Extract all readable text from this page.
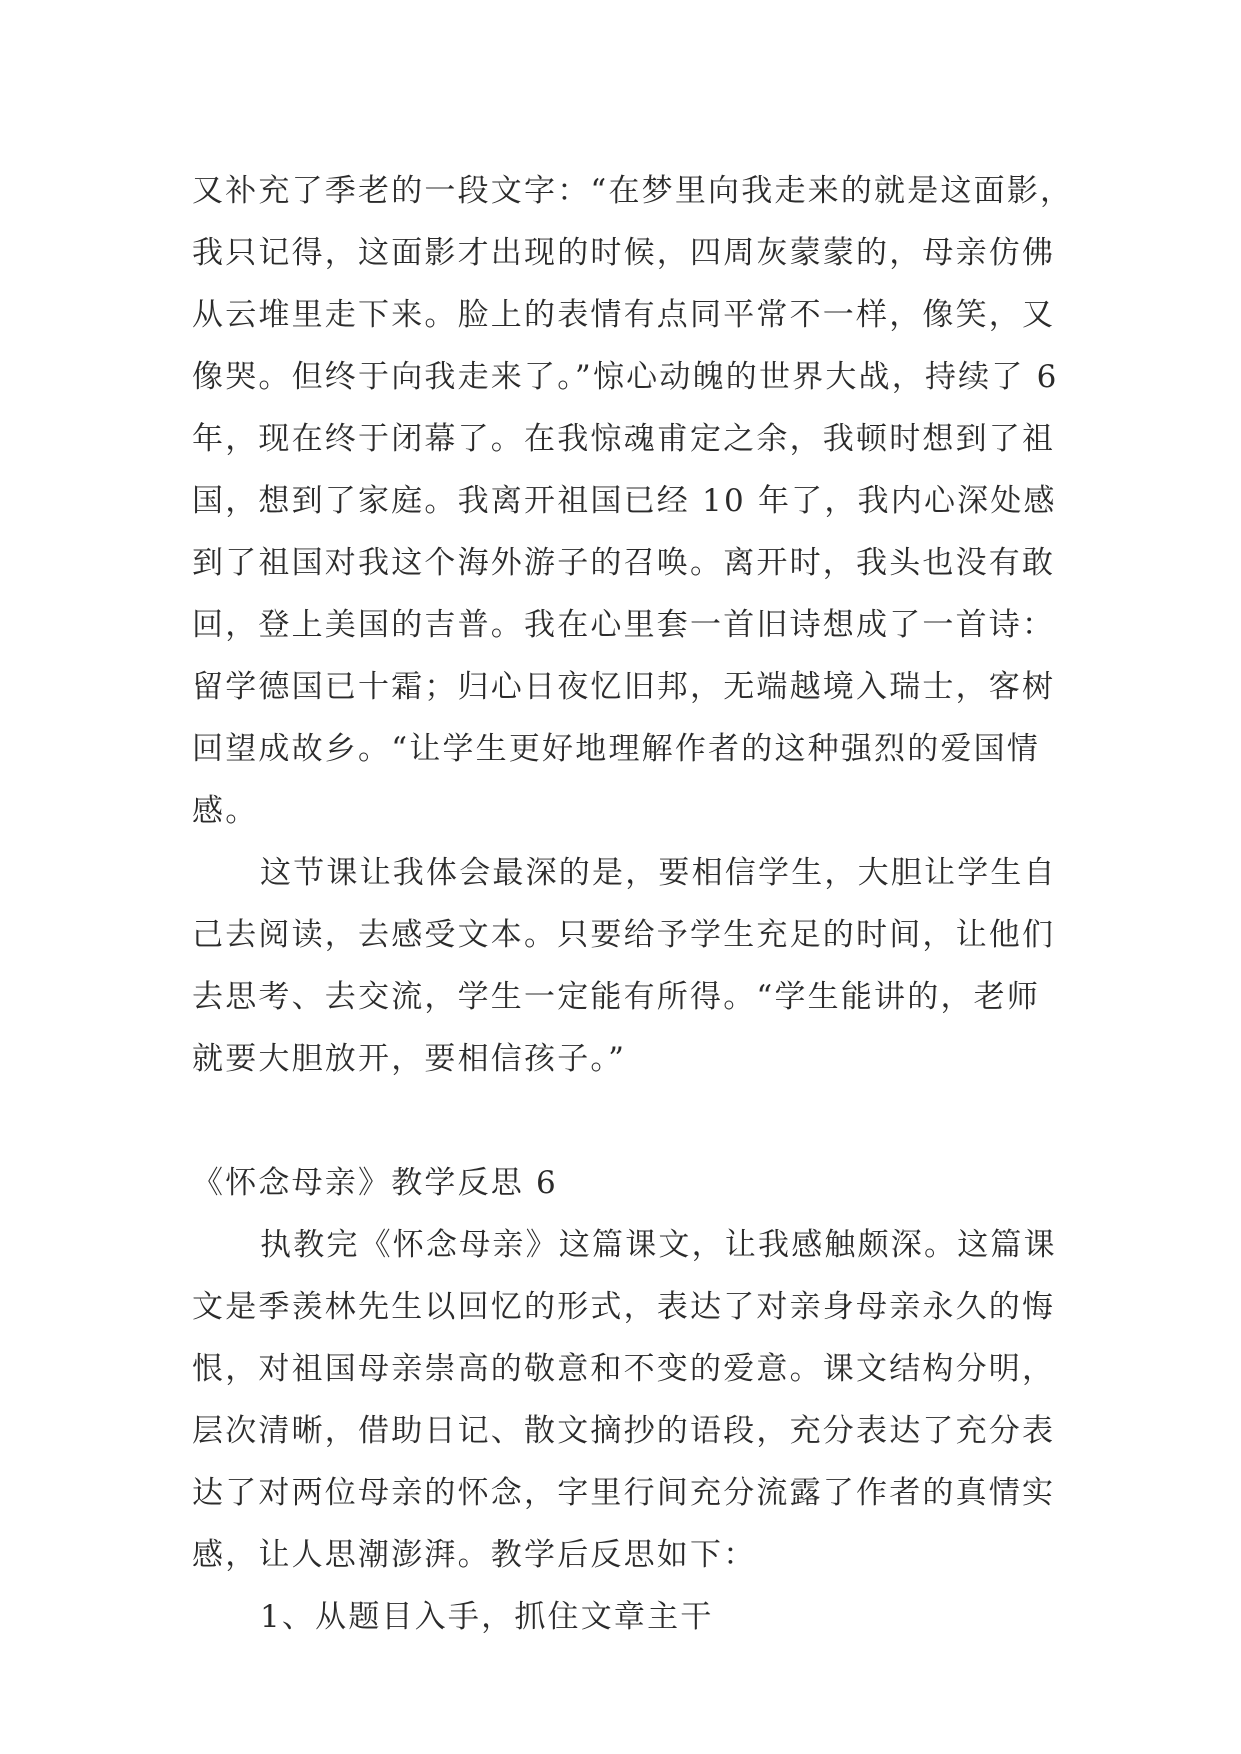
又补充了季老的一段文字：“在梦里向我走来的就是这面影，
我只记得，这面影才出现的时候，四周灰蒙蒙的，母亲仿佛
从云堆里走下来。脸上的表情有点同平常不一样，像笑，又
像哭。但终于向我走来了。”惊心动魄的世界大战，持续了 6
年，现在终于闭幕了。在我惊魂甫定之余，我顿时想到了祖
国，想到了家庭。我离开祖国已经 10 年了，我内心深处感
到了祖国对我这个海外游子的召唤。离开时，我头也没有敢
回，登上美国的吉普。我在心里套一首旧诗想成了一首诗：
留学德国已十霜；归心日夜忆旧邦，无端越境入瑞士，客树
回望成故乡。“让学生更好地理解作者的这种强烈的爱国情
感。
这节课让我体会最深的是，要相信学生，大胆让学生自
己去阅读，去感受文本。只要给予学生充足的时间，让他们
去思考、去交流，学生一定能有所得。“学生能讲的，老师
就要大胆放开，要相信孩子。”
《怀念母亲》教学反思 6
执教完《怀念母亲》这篇课文，让我感触颇深。这篇课
文是季羡林先生以回忆的形式，表达了对亲身母亲永久的悔
恨，对祖国母亲崇高的敬意和不变的爱意。课文结构分明，
层次清晰，借助日记、散文摘抄的语段，充分表达了充分表
达了对两位母亲的怀念，字里行间充分流露了作者的真情实
感，让人思潮澎湃。教学后反思如下：
1、从题目入手，抓住文章主干
